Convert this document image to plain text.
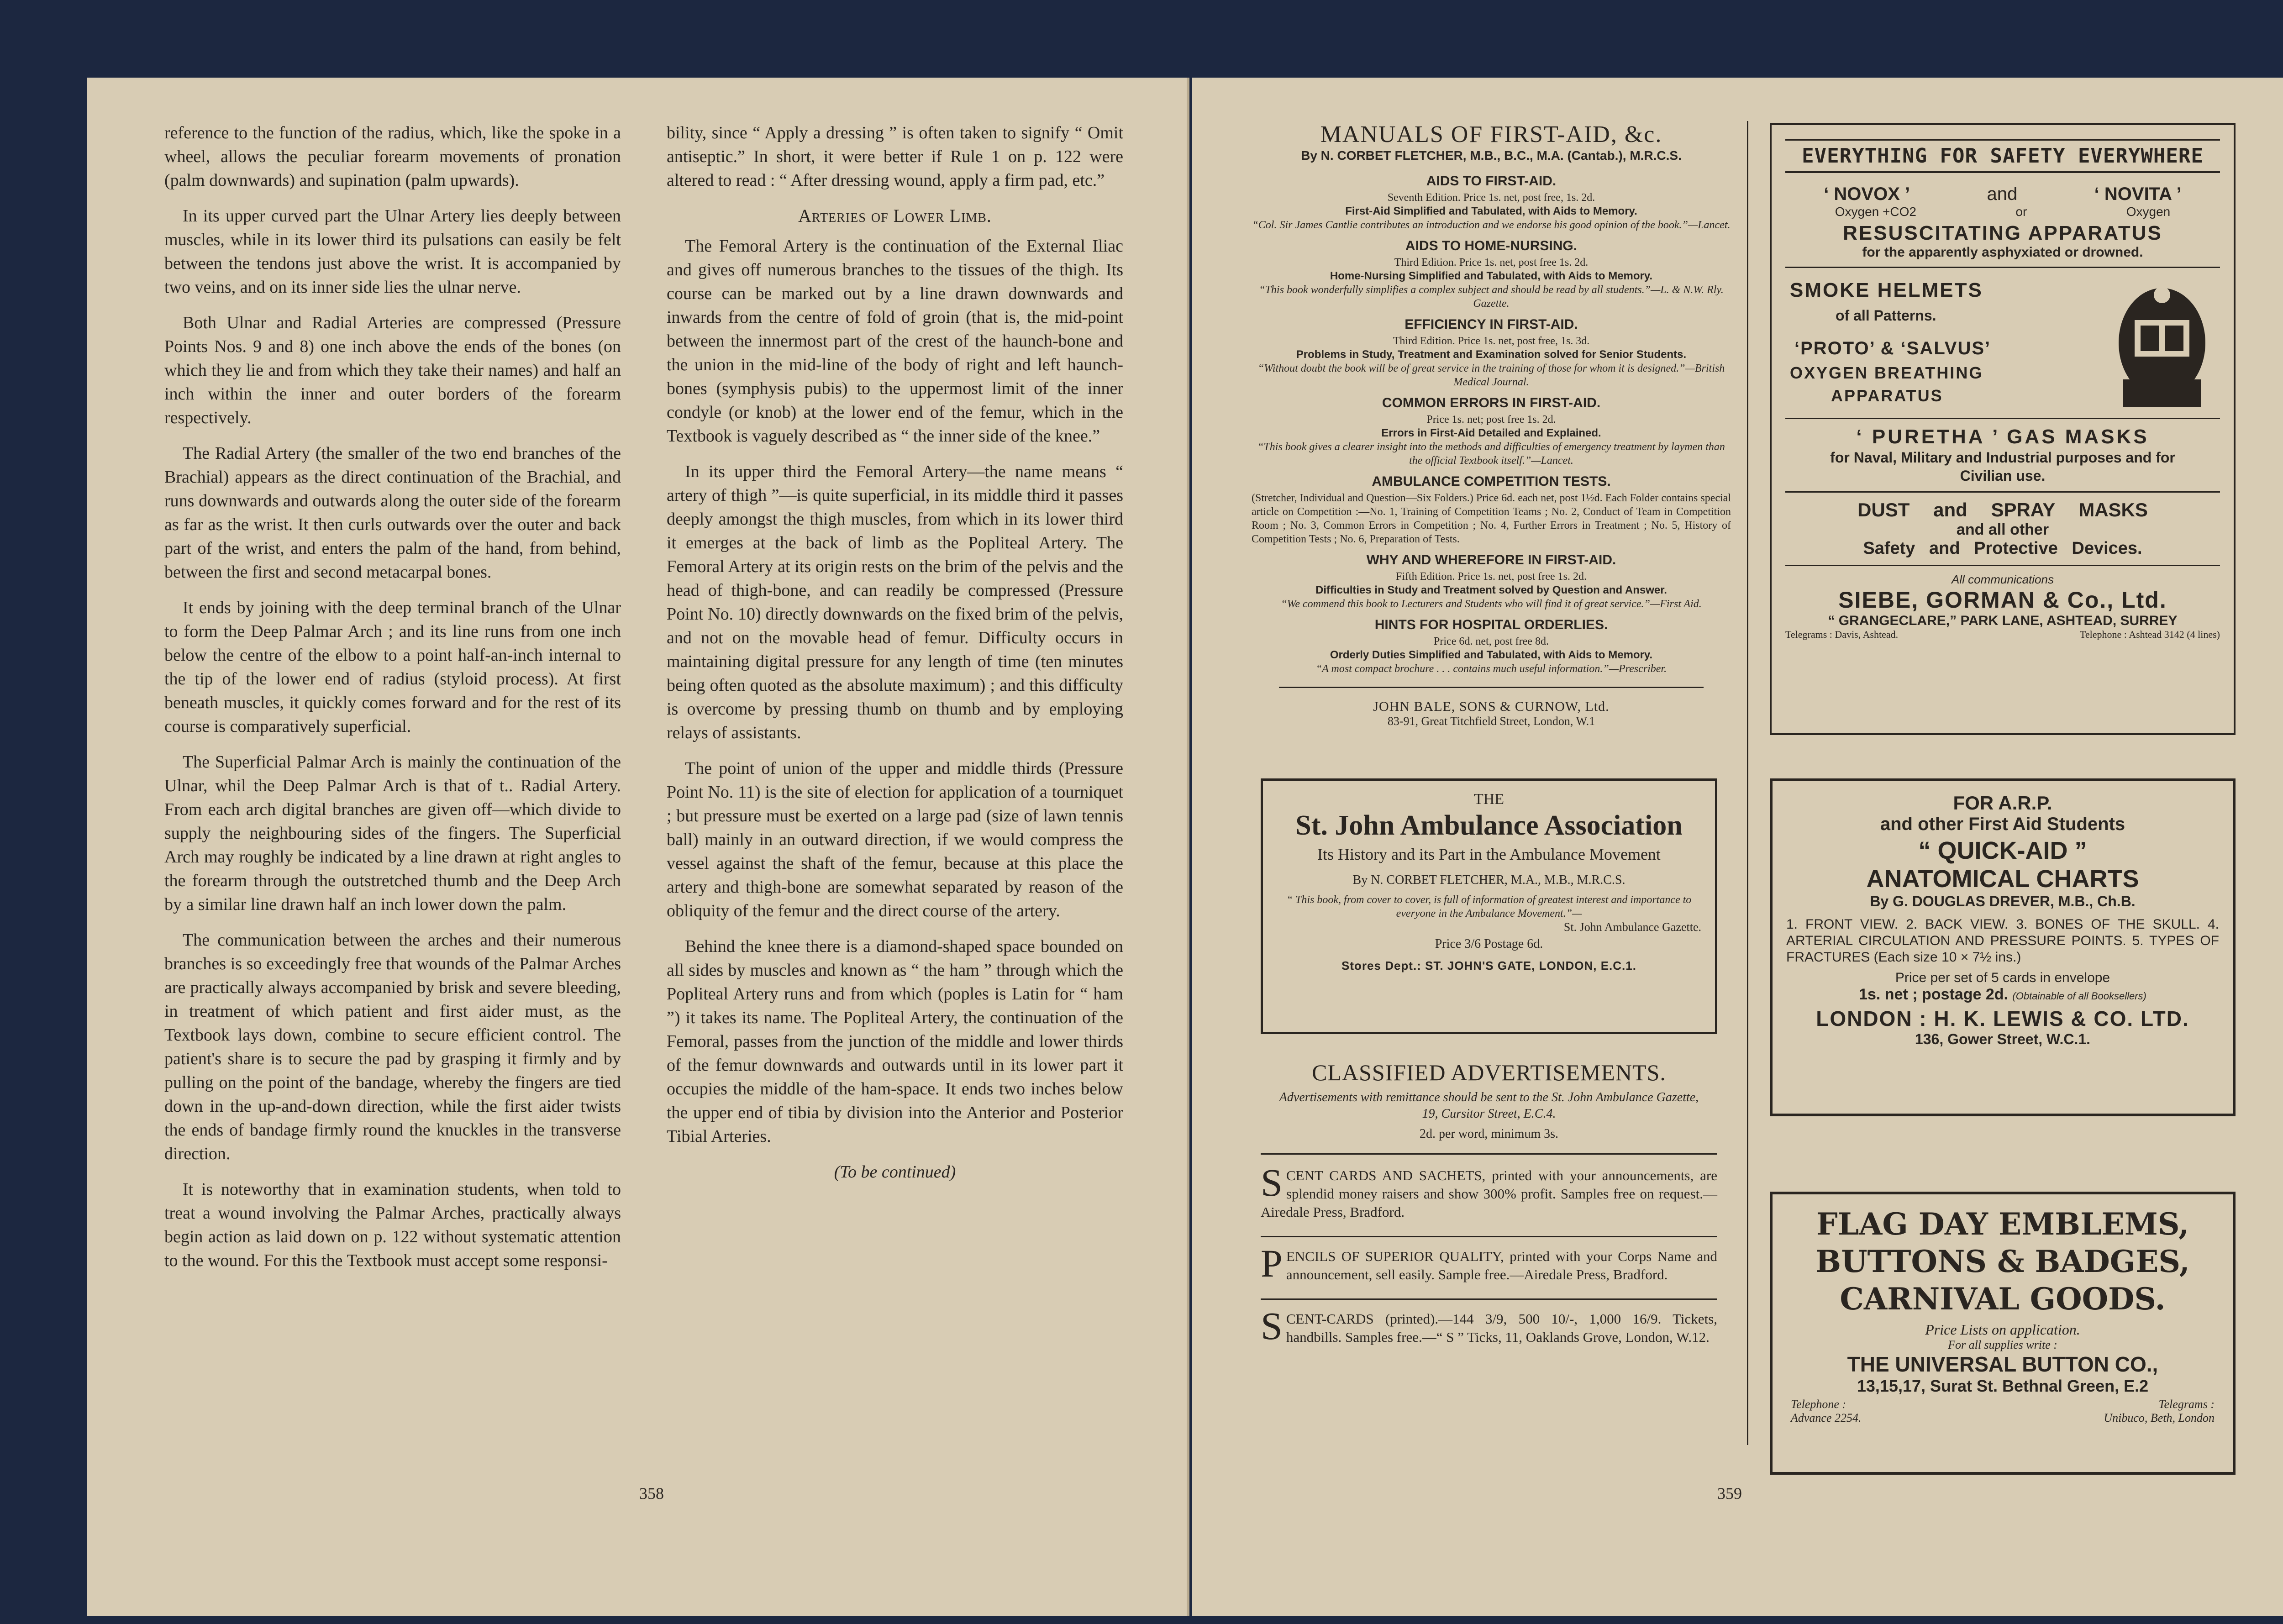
reference to the function of the radius, which, like the spoke in a wheel, allows the peculiar forearm movements of pronation (palm downwards) and supination (palm upwards).

In its upper curved part the Ulnar Artery lies deeply between muscles, while in its lower third its pulsations can easily be felt between the tendons just above the wrist. It is accompanied by two veins, and on its inner side lies the ulnar nerve.

Both Ulnar and Radial Arteries are compressed (Pressure Points Nos. 9 and 8) one inch above the ends of the bones (on which they lie and from which they take their names) and half an inch within the inner and outer borders of the forearm respectively.

The Radial Artery (the smaller of the two end branches of the Brachial) appears as the direct continuation of the Brachial, and runs downwards and outwards along the outer side of the forearm as far as the wrist. It then curls outwards over the outer and back part of the wrist, and enters the palm of the hand, from behind, between the first and second metacarpal bones.

It ends by joining with the deep terminal branch of the Ulnar to form the Deep Palmar Arch ; and its line runs from one inch below the centre of the elbow to a point half-an-inch internal to the tip of the lower end of radius (styloid process). At first beneath muscles, it quickly comes forward and for the rest of its course is comparatively superficial.

The Superficial Palmar Arch is mainly the continuation of the Ulnar, whil the Deep Palmar Arch is that of t.. Radial Artery. From each arch digital branches are given off—which divide to supply the neighbouring sides of the fingers. The Superficial Arch may roughly be indicated by a line drawn at right angles to the forearm through the outstretched thumb and the Deep Arch by a similar line drawn half an inch lower down the palm.

The communication between the arches and their numerous branches is so exceedingly free that wounds of the Palmar Arches are practically always accompanied by brisk and severe bleeding, in treatment of which patient and first aider must, as the Textbook lays down, combine to secure efficient control. The patient's share is to secure the pad by grasping it firmly and by pulling on the point of the bandage, whereby the fingers are tied down in the up-and-down direction, while the first aider twists the ends of bandage firmly round the knuckles in the transverse direction.

It is noteworthy that in examination students, when told to treat a wound involving the Palmar Arches, practically always begin action as laid down on p. 122 without systematic attention to the wound. For this the Textbook must accept some responsi-

bility, since “ Apply a dressing ” is often taken to signify “ Omit antiseptic.” In short, it were better if Rule 1 on p. 122 were altered to read : “ After dressing wound, apply a firm pad, etc.”

Arteries of Lower Limb.

The Femoral Artery is the continuation of the External Iliac and gives off numerous branches to the tissues of the thigh. Its course can be marked out by a line drawn downwards and inwards from the centre of fold of groin (that is, the mid-point between the innermost part of the crest of the haunch-bone and the union in the mid-line of the body of right and left haunch-bones (symphysis pubis) to the uppermost limit of the inner condyle (or knob) at the lower end of the femur, which in the Textbook is vaguely described as “ the inner side of the knee.”

In its upper third the Femoral Artery—the name means “ artery of thigh ”—is quite superficial, in its middle third it passes deeply amongst the thigh muscles, from which in its lower third it emerges at the back of limb as the Popliteal Artery. The Femoral Artery at its origin rests on the brim of the pelvis and the head of thigh-bone, and can readily be compressed (Pressure Point No. 10) directly downwards on the fixed brim of the pelvis, and not on the movable head of femur. Difficulty occurs in maintaining digital pressure for any length of time (ten minutes being often quoted as the absolute maximum) ; and this difficulty is overcome by pressing thumb on thumb and by employing relays of assistants.

The point of union of the upper and middle thirds (Pressure Point No. 11) is the site of election for application of a tourniquet ; but pressure must be exerted on a large pad (size of lawn tennis ball) mainly in an outward direction, if we would compress the vessel against the shaft of the femur, because at this place the artery and thigh-bone are somewhat separated by reason of the obliquity of the femur and the direct course of the artery.

Behind the knee there is a diamond-shaped space bounded on all sides by muscles and known as “ the ham ” through which the Popliteal Artery runs and from which (poples is Latin for “ ham ”) it takes its name. The Popliteal Artery, the continuation of the Femoral, passes from the junction of the middle and lower thirds of the femur downwards and outwards until in its lower part it occupies the middle of the ham-space. It ends two inches below the upper end of tibia by division into the Anterior and Posterior Tibial Arteries.

(To be continued)
358
MANUALS OF FIRST-AID, &c.
By N. CORBET FLETCHER, M.B., B.C., M.A. (Cantab.), M.R.C.S.
AIDS TO FIRST-AID.
Seventh Edition. Price 1s. net, post free, 1s. 2d.
First-Aid Simplified and Tabulated, with Aids to Memory.
“Col. Sir James Cantlie contributes an introduction and we endorse his good opinion of the book.”—Lancet.
AIDS TO HOME-NURSING.
Third Edition. Price 1s. net, post free 1s. 2d.
Home-Nursing Simplified and Tabulated, with Aids to Memory.
“This book wonderfully simplifies a complex subject and should be read by all students.”—L. & N.W. Rly. Gazette.
EFFICIENCY IN FIRST-AID.
Third Edition. Price 1s. net, post free, 1s. 3d.
Problems in Study, Treatment and Examination solved for Senior Students.
“Without doubt the book will be of great service in the training of those for whom it is designed.”—British Medical Journal.
COMMON ERRORS IN FIRST-AID.
Price 1s. net; post free 1s. 2d.
Errors in First-Aid Detailed and Explained.
“This book gives a clearer insight into the methods and difficulties of emergency treatment by laymen than the official Textbook itself.”—Lancet.
AMBULANCE COMPETITION TESTS.
(Stretcher, Individual and Question—Six Folders.) Price 6d. each net, post 1½d. Each Folder contains special article on Competition :—No. 1, Training of Competition Teams ; No. 2, Conduct of Team in Competition Room ; No. 3, Common Errors in Competition ; No. 4, Further Errors in Treatment ; No. 5, History of Competition Tests ; No. 6, Preparation of Tests.
WHY AND WHEREFORE IN FIRST-AID.
Fifth Edition. Price 1s. net, post free 1s. 2d.
Difficulties in Study and Treatment solved by Question and Answer.
“We commend this book to Lecturers and Students who will find it of great service.”—First Aid.
HINTS FOR HOSPITAL ORDERLIES.
Price 6d. net, post free 8d.
Orderly Duties Simplified and Tabulated, with Aids to Memory.
“A most compact brochure . . . contains much useful information.”—Prescriber.
JOHN BALE, SONS & CURNOW, Ltd.
83-91, Great Titchfield Street, London, W.1
THE
St. John Ambulance Association
Its History and its Part in the Ambulance Movement
By N. CORBET FLETCHER, M.A., M.B., M.R.C.S.
“ This book, from cover to cover, is full of information of greatest interest and importance to everyone in the Ambulance Movement.”—
St. John Ambulance Gazette.
Price 3/6 Postage 6d.
Stores Dept.: ST. JOHN'S GATE, LONDON, E.C.1.
CLASSIFIED ADVERTISEMENTS.
Advertisements with remittance should be sent to the St. John Ambulance Gazette, 19, Cursitor Street, E.C.4.
2d. per word, minimum 3s.
SCENT CARDS AND SACHETS, printed with your announcements, are splendid money raisers and show 300% profit. Samples free on request.—Airedale Press, Bradford.
PENCILS OF SUPERIOR QUALITY, printed with your Corps Name and announcement, sell easily. Sample free.—Airedale Press, Bradford.
SCENT-CARDS (printed).—144 3/9, 500 10/-, 1,000 16/9. Tickets, handbills. Samples free.—“ S ” Ticks, 11, Oaklands Grove, London, W.12.
EVERYTHING FOR SAFETY EVERYWHERE
‘ NOVOX ’	and	‘ NOVITA ’
Oxygen +CO2	or	Oxygen
RESUSCITATING APPARATUS
for the apparently asphyxiated or drowned.
SMOKE HELMETS
of all Patterns.
‘PROTO’ & ‘SALVUS’
OXYGEN BREATHING
APPARATUS
‘ PURETHA ’ GAS MASKS
for Naval, Military and Industrial purposes and for Civilian use.
DUST and SPRAY MASKS
and all other
Safety and Protective Devices.
All communications
SIEBE, GORMAN & Co., Ltd.
“ GRANGECLARE,” PARK LANE, ASHTEAD, SURREY
Telegrams : Davis, Ashtead.	Telephone : Ashtead 3142 (4 lines)
FOR A.R.P.
and other First Aid Students
“ QUICK-AID ”
ANATOMICAL CHARTS
By G. DOUGLAS DREVER, M.B., Ch.B.
1. FRONT VIEW. 2. BACK VIEW. 3. BONES OF THE SKULL. 4. ARTERIAL CIRCULATION AND PRESSURE POINTS. 5. TYPES OF FRACTURES (Each size 10 × 7½ ins.)
Price per set of 5 cards in envelope
1s. net ; postage 2d. (Obtainable of all Booksellers)
LONDON : H. K. LEWIS & CO. LTD.
136, Gower Street, W.C.1.
FLAG DAY EMBLEMS,
BUTTONS & BADGES,
CARNIVAL GOODS.
Price Lists on application.
For all supplies write :
THE UNIVERSAL BUTTON CO.,
13,15,17, Surat St. Bethnal Green, E.2
Telephone :	Telegrams :
Advance 2254.	Unibuco, Beth, London
359
